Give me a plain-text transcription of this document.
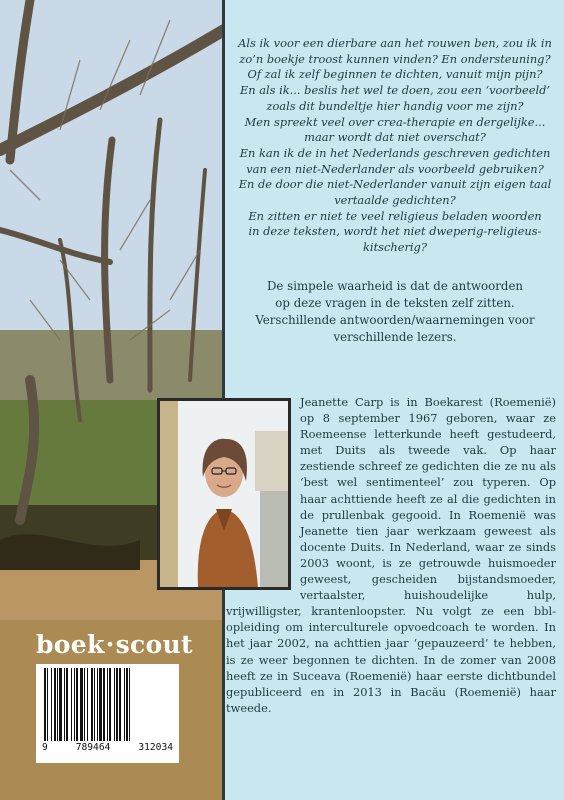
Als ik voor een dierbare aan het rouwen ben, zou ik in
zo’n boekje troost kunnen vinden? En ondersteuning?
Of zal ik zelf beginnen te dichten, vanuit mijn pijn?
En als ik... beslis het wel te doen, zou een ‘voorbeeld’
zoals dit bundeltje hier handig voor me zijn?
Men spreekt veel over crea-therapie en dergelijke...
maar wordt dat niet overschat?
En kan ik de in het Nederlands geschreven gedichten
van een niet-Nederlander als voorbeeld gebruiken?
En de door die niet-Nederlander vanuit zijn eigen taal
vertaalde gedichten?
En zitten er niet te veel religieus beladen woorden
in deze teksten, wordt het niet dweperig-religieus-
kitscherig?
De simpele waarheid is dat de antwoorden
op deze vragen in de teksten zelf zitten.
Verschillende antwoorden/waarnemingen voor
verschillende lezers.

Jeanette Carp is in Boekarest (Roemenië) op 8 september 1967 geboren, waar ze Roemeense letterkunde heeft gestudeerd, met Duits als tweede vak. Op haar zestiende schreef ze gedichten die ze nu als ‘best wel sentimenteel’ zou typeren. Op haar achttiende heeft ze al die gedichten in de prullenbak gegooid. In Roemenië was Jeanette tien jaar werkzaam geweest als docente Duits. In Nederland, waar ze sinds 2003 woont, is ze getrouwde huismoeder geweest, gescheiden bijstandsmoeder, vertaalster, huishoudelijke hulp, vrijwilligster, krantenloopster. Nu volgt ze een bbl-opleiding om interculturele opvoedcoach te worden. In het jaar 2002, na achttien jaar ‘gepauzeerd’ te hebben, is ze weer begonnen te dichten. In de zomer van 2008 heeft ze in Suceava (Roemenië) haar eerste dichtbundel gepubliceerd en in 2013 in Bacău (Roemenië) haar tweede.

boek·scout
9	789464	312034
